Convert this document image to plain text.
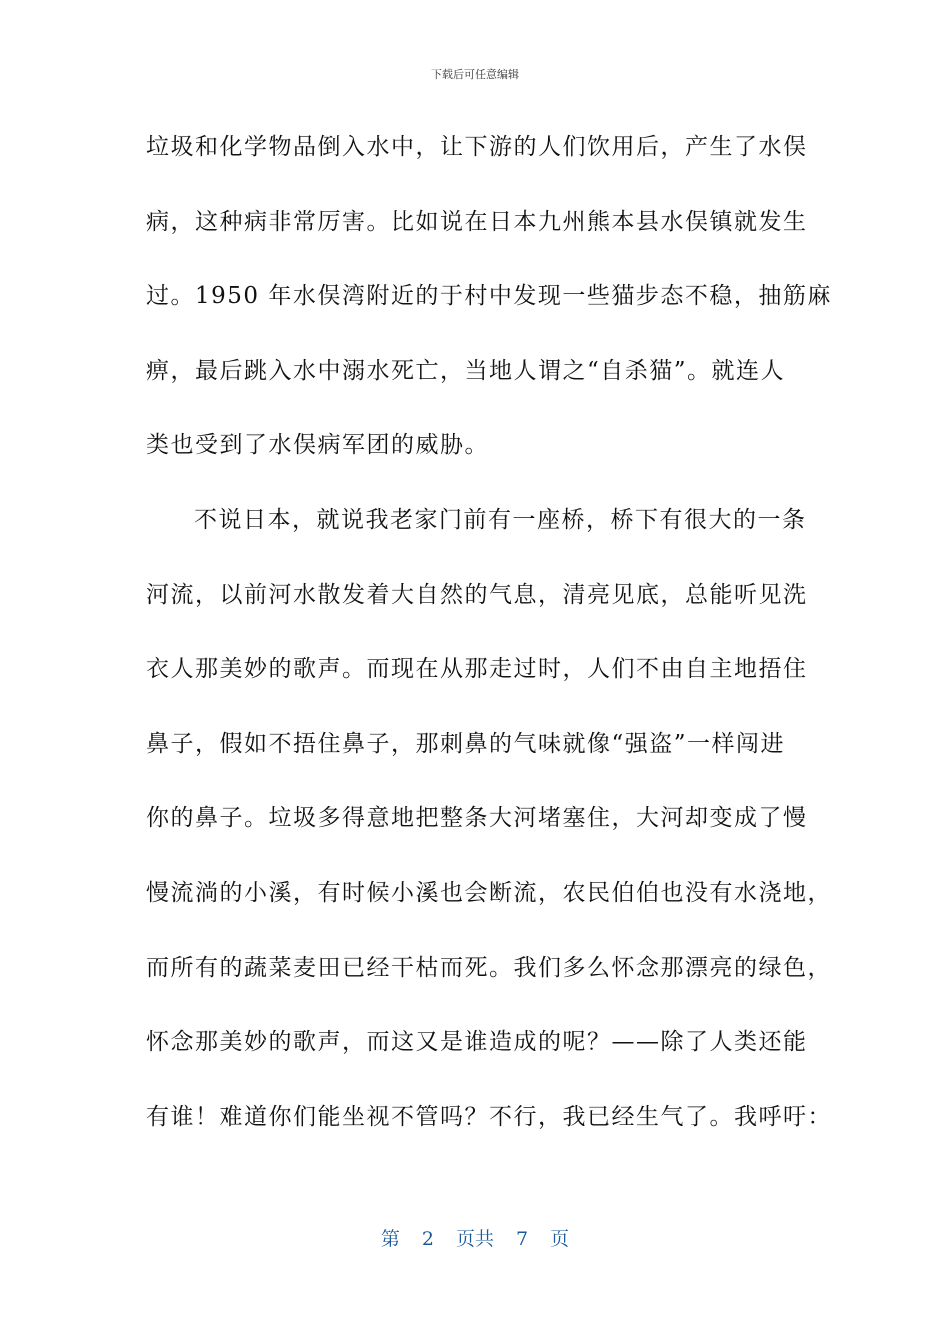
下载后可任意编辑
垃圾和化学物品倒入水中，让下游的人们饮用后，产生了水俣
病，这种病非常厉害。比如说在日本九州熊本县水俣镇就发生
过。1950 年水俣湾附近的于村中发现一些猫步态不稳，抽筋麻
痹，最后跳入水中溺水死亡，当地人谓之“自杀猫”。就连人
类也受到了水俣病军团的威胁。
不说日本，就说我老家门前有一座桥，桥下有很大的一条
河流，以前河水散发着大自然的气息，清亮见底，总能听见洗
衣人那美妙的歌声。而现在从那走过时，人们不由自主地捂住
鼻子，假如不捂住鼻子，那刺鼻的气味就像“强盗”一样闯进
你的鼻子。垃圾多得意地把整条大河堵塞住，大河却变成了慢
慢流淌的小溪，有时候小溪也会断流，农民伯伯也没有水浇地，
而所有的蔬菜麦田已经干枯而死。我们多么怀念那漂亮的绿色，
怀念那美妙的歌声，而这又是谁造成的呢？——除了人类还能
有谁！难道你们能坐视不管吗？不行，我已经生气了。我呼吁：
第 2 页共 7 页
